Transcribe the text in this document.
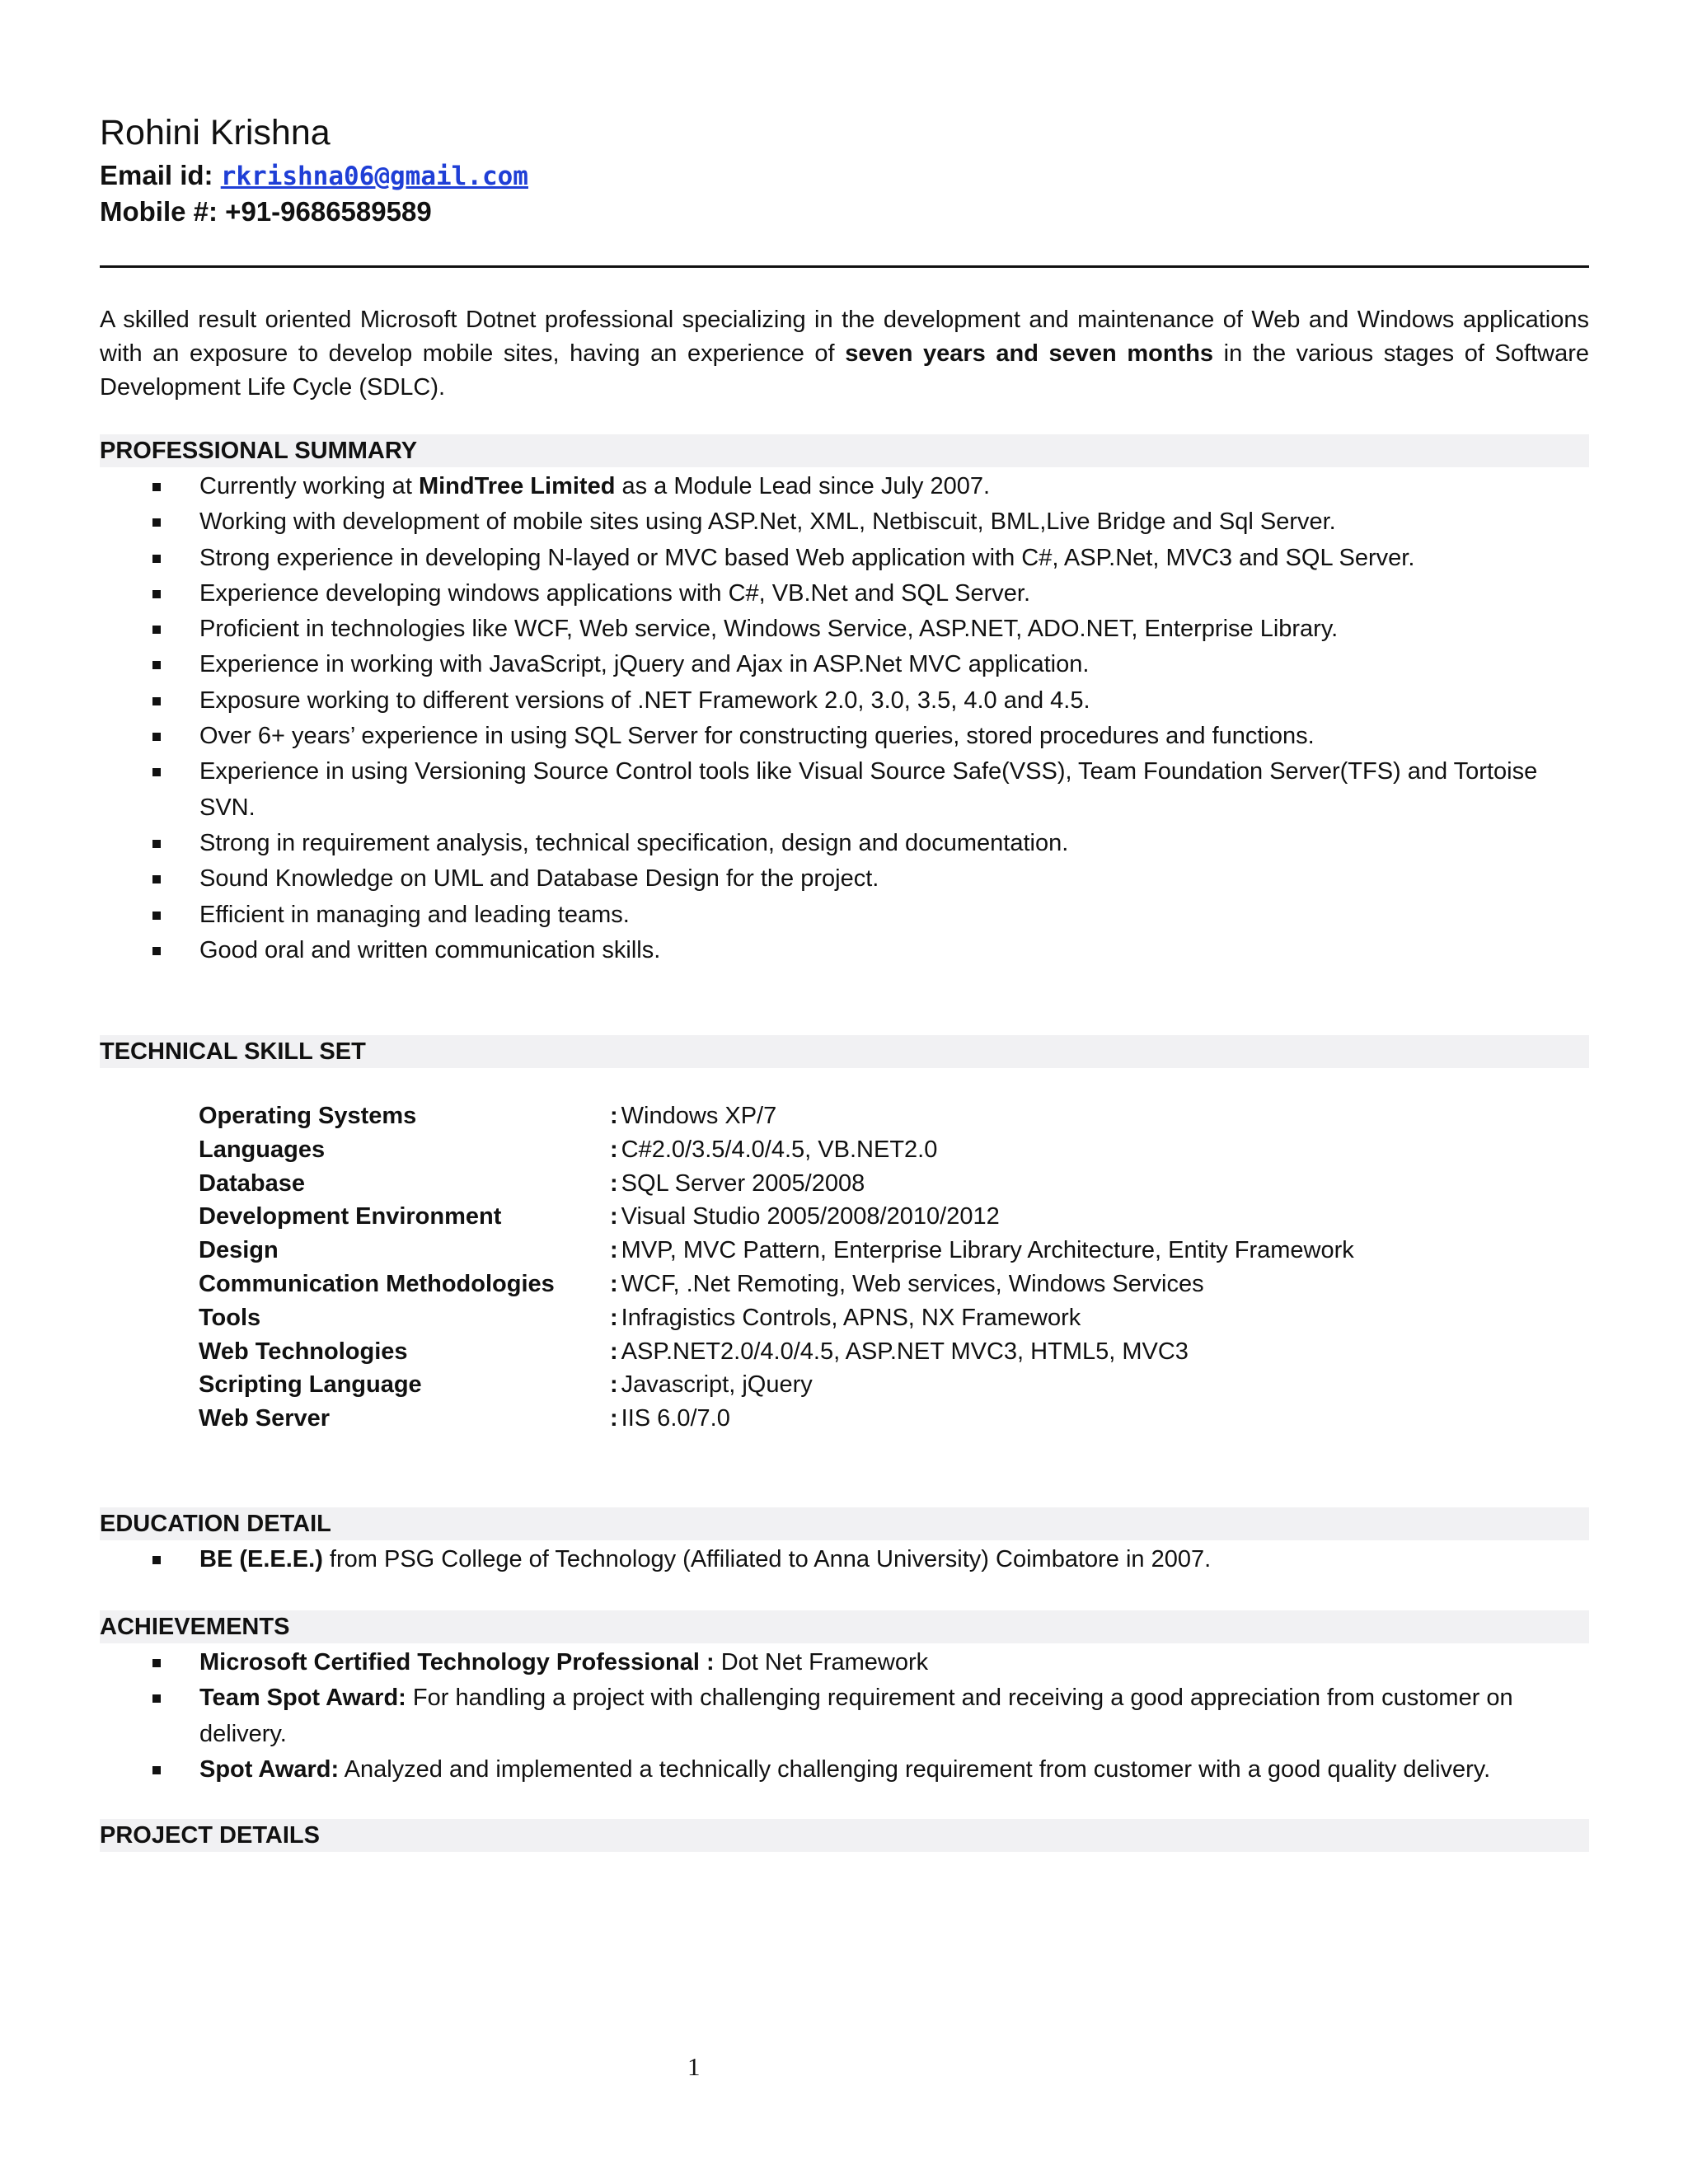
Rohini Krishna
Email id: rkrishna06@gmail.com
Mobile #: +91-9686589589
A skilled result oriented Microsoft Dotnet professional specializing in the development and maintenance of Web and Windows applications with an exposure to develop mobile sites, having an experience of seven years and seven months in the various stages of Software Development Life Cycle (SDLC).
PROFESSIONAL SUMMARY
Currently working at MindTree Limited as a Module Lead since July 2007.
Working with development of mobile sites using ASP.Net, XML, Netbiscuit, BML,Live Bridge and Sql Server.
Strong experience in developing N-layed or MVC based Web application with C#, ASP.Net, MVC3 and SQL Server.
Experience developing windows applications with C#, VB.Net and SQL Server.
Proficient in technologies like WCF, Web service, Windows Service, ASP.NET, ADO.NET, Enterprise Library.
Experience in working with JavaScript, jQuery and Ajax in ASP.Net MVC application.
Exposure working to different versions of .NET Framework 2.0, 3.0, 3.5, 4.0 and 4.5.
Over 6+ years’ experience in using SQL Server for constructing queries, stored procedures and functions.
Experience in using Versioning Source Control tools like Visual Source Safe(VSS), Team Foundation Server(TFS) and Tortoise SVN.
Strong in requirement analysis, technical specification, design and documentation.
Sound Knowledge on UML and Database Design for the project.
Efficient in managing and leading teams.
Good oral and written communication skills.
TECHNICAL SKILL SET
Operating Systems	: Windows XP/7
Languages	: C#2.0/3.5/4.0/4.5, VB.NET2.0
Database	: SQL Server 2005/2008
Development Environment	: Visual Studio 2005/2008/2010/2012
Design	: MVP, MVC Pattern, Enterprise Library Architecture, Entity Framework
Communication Methodologies : WCF, .Net Remoting, Web services, Windows Services
Tools	: Infragistics Controls, APNS, NX Framework
Web Technologies	: ASP.NET2.0/4.0/4.5, ASP.NET MVC3, HTML5, MVC3
Scripting Language	: Javascript, jQuery
Web Server	: IIS 6.0/7.0
EDUCATION DETAIL
BE (E.E.E.) from PSG College of Technology (Affiliated to Anna University) Coimbatore in 2007.
ACHIEVEMENTS
Microsoft Certified Technology Professional : Dot Net Framework
Team Spot Award: For handling a project with challenging requirement and receiving a good appreciation from customer on delivery.
Spot Award: Analyzed and implemented a technically challenging requirement from customer with a good quality delivery.
PROJECT DETAILS
1
